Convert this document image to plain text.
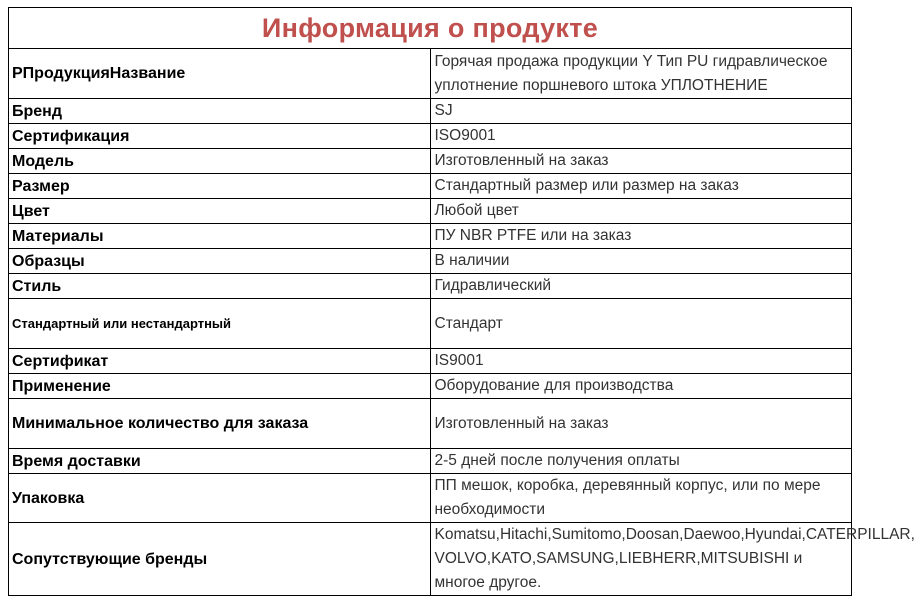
Информация о продукте	
PПродукцияНазвание	Горячая продажа продукции Y Тип PU гидравлическое уплотнение поршневого штока УПЛОТНЕНИЕ
Бренд	SJ
Сертификация	ISO9001
Модель	Изготовленный на заказ
Размер	Стандартный размер или размер на заказ
Цвет	Любой цвет
Материалы	ПУ NBR PTFE или на заказ
Образцы	В наличии
Стиль	Гидравлический
Стандартный или нестандартный	Стандарт
Сертификат	IS9001
Применение	Оборудование для производства
Минимальное количество для заказа	Изготовленный на заказ
Время доставки	2-5 дней после получения оплаты
Упаковка	ПП мешок, коробка, деревянный корпус, или по мере необходимости
Сопутствующие бренды	Komatsu,Hitachi,Sumitomo,Doosan,Daewoo,Hyundai,CATERPILLAR, VOLVO,KATO,SAMSUNG,LIEBHERR,MITSUBISHI и многое другое.
